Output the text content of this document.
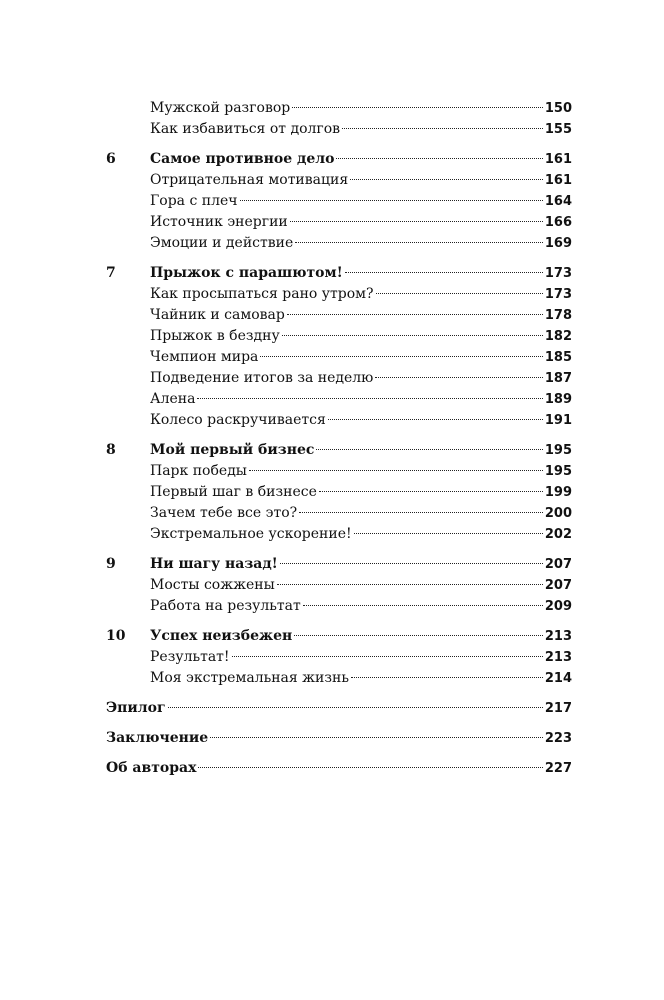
Мужской разговор	150
Как избавиться от долгов	155
6	Самое противное дело	161
Отрицательная мотивация	161
Гора с плеч	164
Источник энергии	166
Эмоции и действие	169
7	Прыжок с парашютом!	173
Как просыпаться рано утром?	173
Чайник и самовар	178
Прыжок в бездну	182
Чемпион мира	185
Подведение итогов за неделю	187
Алена	189
Колесо раскручивается	191
8	Мой первый бизнес	195
Парк победы	195
Первый шаг в бизнесе	199
Зачем тебе все это?	200
Экстремальное ускорение!	202
9	Ни шагу назад!	207
Мосты сожжены	207
Работа на результат	209
10	Успех неизбежен	213
Результат!	213
Моя экстремальная жизнь	214
Эпилог	217
Заключение	223
Об авторах	227
